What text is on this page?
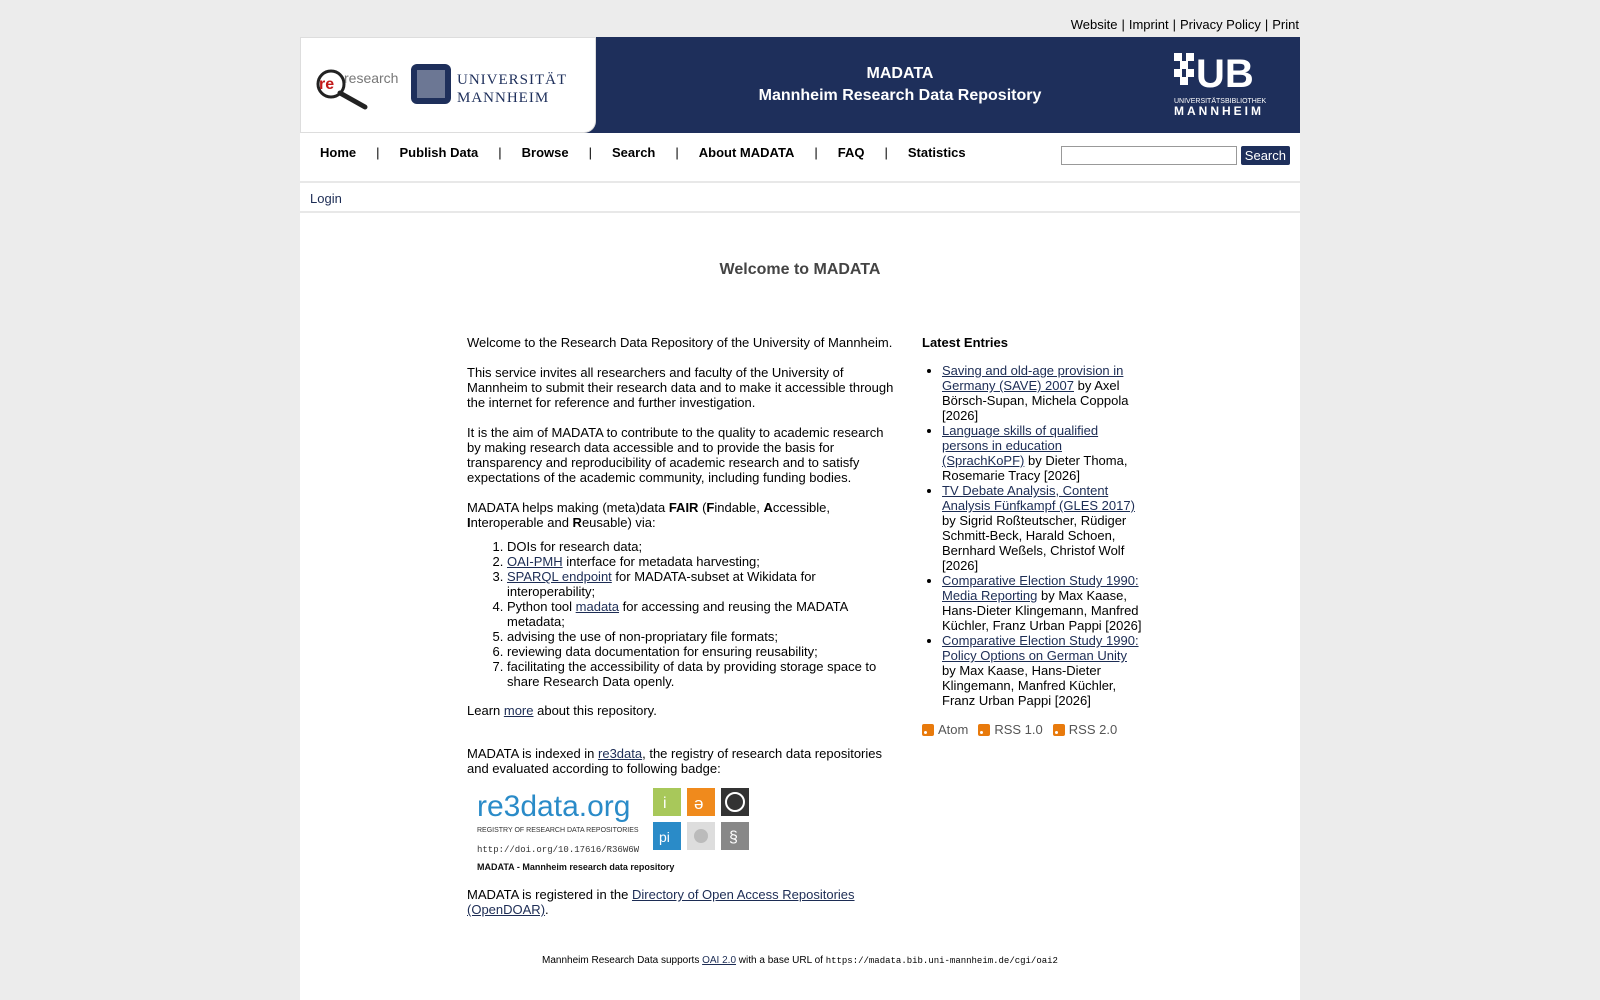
Website | Imprint | Privacy Policy | Print
re research	UNIVERSITÄT
MANNHEIM
MADATA
Mannheim Research Data Repository	UB
UNIVERSITÄTSBIBLIOTHEK
MANNHEIM
Home | Publish Data | Browse | Search | About MADATA | FAQ | Statistics	Search
Login
Welcome to MADATA

Welcome to the Research Data Repository of the University of Mannheim.

This service invites all researchers and faculty of the University of Mannheim to submit their research data and to make it accessible through the internet for reference and further investigation.

It is the aim of MADATA to contribute to the quality to academic research by making research data accessible and to provide the basis for transparency and reproducibility of academic research and to satisfy expectations of the academic community, including funding bodies.

MADATA helps making (meta)data FAIR (Findable, Accessible, Interoperable and Reusable) via:

1. DOIs for research data;
2. OAI-PMH interface for metadata harvesting;
3. SPARQL endpoint for MADATA-subset at Wikidata for interoperability;
4. Python tool madata for accessing and reusing the MADATA metadata;
5. advising the use of non-propriatary file formats;
6. reviewing data documentation for ensuring reusability;
7. facilitating the accessibility of data by providing storage space to share Research Data openly.

Learn more about this repository.

MADATA is indexed in re3data, the registry of research data repositories and evaluated according to following badge:

re3data.org
REGISTRY OF RESEARCH DATA REPOSITORIES
http://doi.org/10.17616/R36W6W
MADATA - Mannheim research data repository
i ə
pi	§

MADATA is registered in the Directory of Open Access Repositories (OpenDOAR).

Latest Entries
• Saving and old-age provision in Germany (SAVE) 2007 by Axel Börsch-Supan, Michela Coppola [2026]
• Language skills of qualified persons in education (SprachKoPF) by Dieter Thoma, Rosemarie Tracy [2026]
• TV Debate Analysis, Content Analysis Fünfkampf (GLES 2017) by Sigrid Roßteutscher, Rüdiger Schmitt-Beck, Harald Schoen, Bernhard Weßels, Christof Wolf [2026]
• Comparative Election Study 1990: Media Reporting by Max Kaase, Hans-Dieter Klingemann, Manfred Küchler, Franz Urban Pappi [2026]
• Comparative Election Study 1990: Policy Options on German Unity by Max Kaase, Hans-Dieter Klingemann, Manfred Küchler, Franz Urban Pappi [2026]
Atom RSS 1.0 RSS 2.0
Mannheim Research Data supports OAI 2.0 with a base URL of https://madata.bib.uni-mannheim.de/cgi/oai2
